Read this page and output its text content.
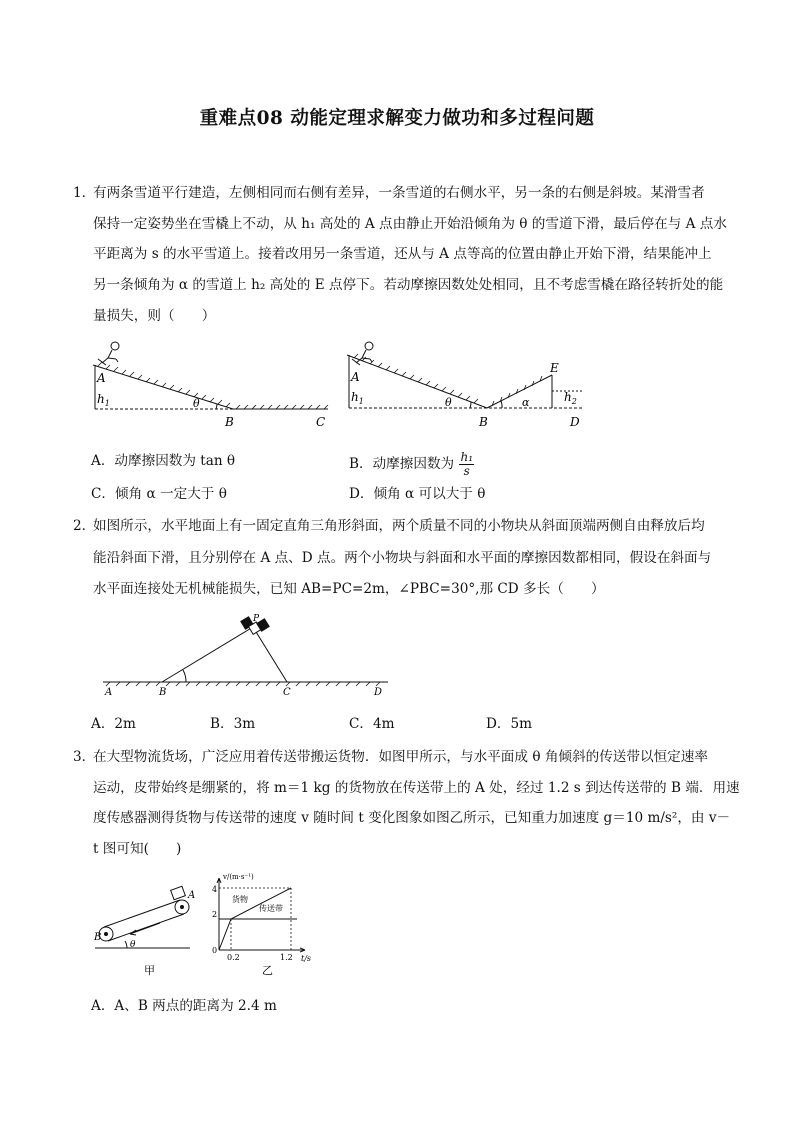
重难点08 动能定理求解变力做功和多过程问题
1．
有两条雪道平行建造，左侧相同而右侧有差异，一条雪道的右侧水平，另一条的右侧是斜坡。某滑雪者
保持一定姿势坐在雪橇上不动，从 h₁ 高处的 A 点由静止开始沿倾角为 θ 的雪道下滑，最后停在与 A 点水
平距离为 s 的水平雪道上。接着改用另一条雪道，还从与 A 点等高的位置由静止开始下滑，结果能冲上
另一条倾角为 α 的雪道上 h₂ 高处的 E 点停下。若动摩擦因数处处相同，且不考虑雪橇在路径转折处的能
量损失，则（　　）
A
$h_1$	θ
B	C
A
$h_1$	θ
B
E
α	$h_2$
D
A．动摩擦因数为 tan θ	B．动摩擦因数为 $\frac{\text{h₁}}{s}$
C．倾角 α 一定大于 θ	D．倾角 α 可以大于 θ
2．
如图所示，水平地面上有一固定直角三角形斜面，两个质量不同的小物块从斜面顶端两侧自由释放后均
能沿斜面下滑，且分别停在 A 点、D 点。两个小物块与斜面和水平面的摩擦因数都相同，假设在斜面与
水平面连接处无机械能损失，已知 AB=PC=2m，∠PBC=30°,那 CD 多长（　　）
P
A	B	C	D
A．2m	B．3m	C．4m	D．5m
3．
在大型物流货场，广泛应用着传送带搬运货物．如图甲所示，与水平面成 θ 角倾斜的传送带以恒定速率
运动，皮带始终是绷紧的，将 m＝1 kg 的货物放在传送带上的 A 处，经过 1.2 s 到达传送带的 B 端．用速
度传感器测得货物与传送带的速度 v 随时间 t 变化图象如图乙所示，已知重力加速度 g＝10 m/s²，由 v－
t 图可知(　　)
A
B
θ
甲
v/(m·s⁻¹)
t/s
4
2
0
0.2	1.2
货物
传送带
乙
A．A、B 两点的距离为 2.4 m
